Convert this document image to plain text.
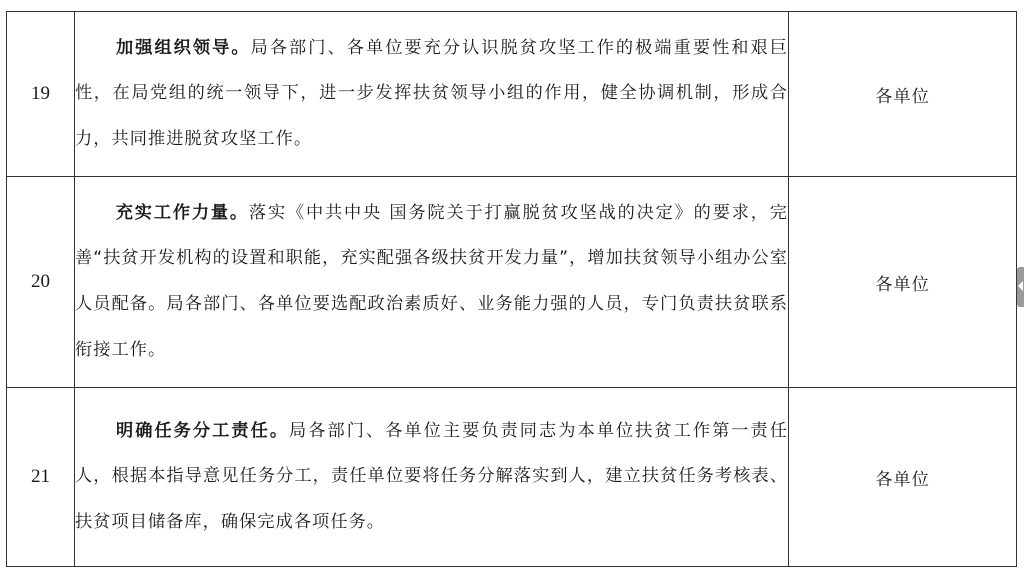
19	加强组织领导。局各部门、各单位要充分认识脱贫攻坚工作的极端重要性和艰巨性，在局党组的统一领导下，进一步发挥扶贫领导小组的作用，健全协调机制，形成合力，共同推进脱贫攻坚工作。	各单位
20	充实工作力量。落实《中共中央 国务院关于打赢脱贫攻坚战的决定》的要求，完善“扶贫开发机构的设置和职能，充实配强各级扶贫开发力量”，增加扶贫领导小组办公室人员配备。局各部门、各单位要选配政治素质好、业务能力强的人员，专门负责扶贫联系衔接工作。	各单位
21	明确任务分工责任。局各部门、各单位主要负责同志为本单位扶贫工作第一责任人，根据本指导意见任务分工，责任单位要将任务分解落实到人，建立扶贫任务考核表、扶贫项目储备库，确保完成各项任务。	各单位
